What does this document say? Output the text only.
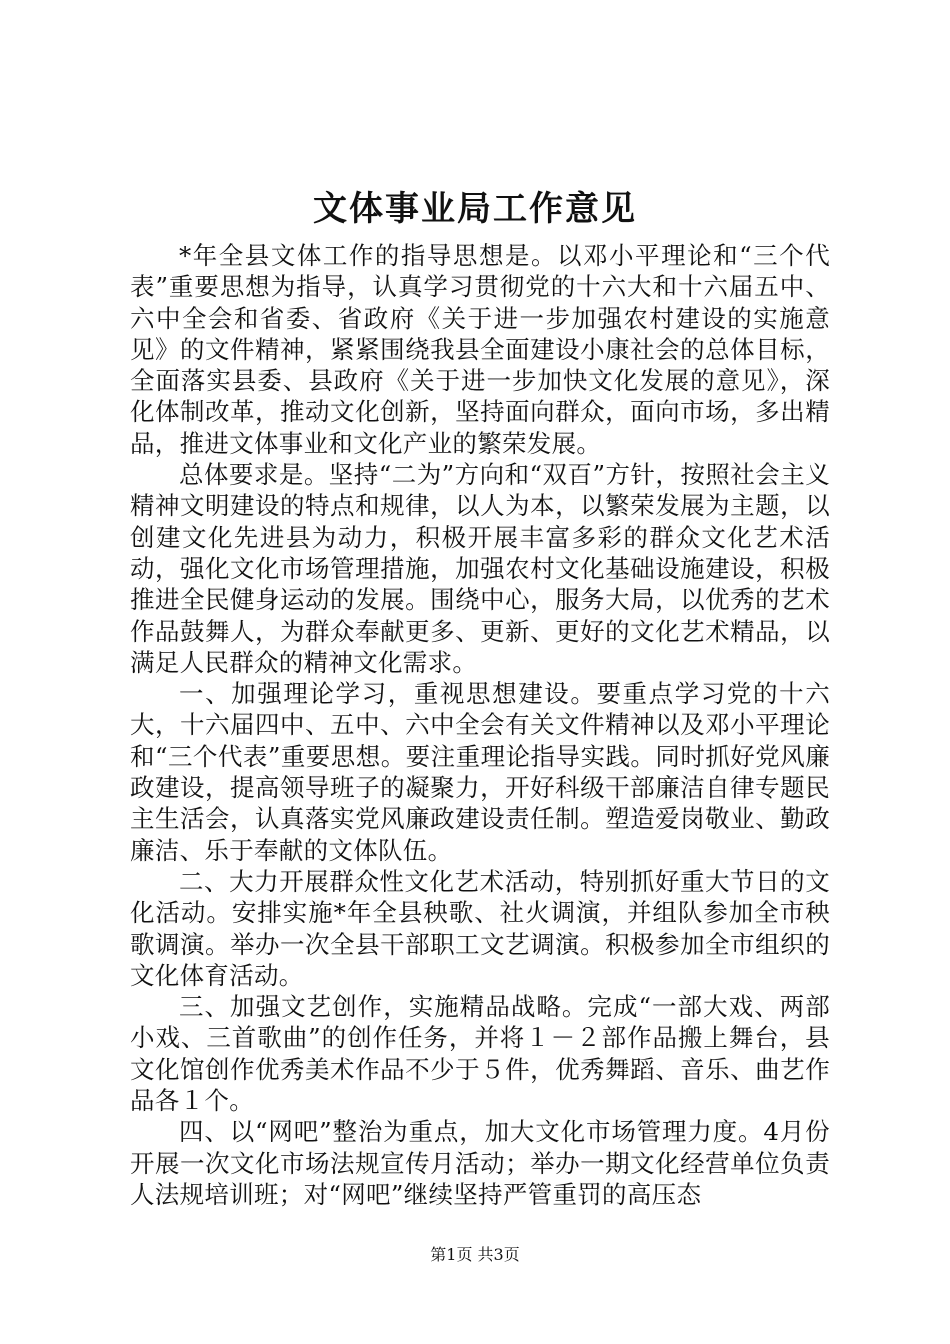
文体事业局工作意见

*年全县文体工作的指导思想是。以邓小平理论和“三个代表”重要思想为指导，认真学习贯彻党的十六大和十六届五中、六中全会和省委、省政府《关于进一步加强农村建设的实施意见》的文件精神，紧紧围绕我县全面建设小康社会的总体目标，全面落实县委、县政府《关于进一步加快文化发展的意见》，深化体制改革，推动文化创新，坚持面向群众，面向市场，多出精品，推进文体事业和文化产业的繁荣发展。

总体要求是。坚持“二为”方向和“双百”方针，按照社会主义精神文明建设的特点和规律，以人为本，以繁荣发展为主题，以创建文化先进县为动力，积极开展丰富多彩的群众文化艺术活动，强化文化市场管理措施，加强农村文化基础设施建设，积极推进全民健身运动的发展。围绕中心，服务大局，以优秀的艺术作品鼓舞人，为群众奉献更多、更新、更好的文化艺术精品，以满足人民群众的精神文化需求。

一、加强理论学习，重视思想建设。要重点学习党的十六大，十六届四中、五中、六中全会有关文件精神以及邓小平理论和“三个代表”重要思想。要注重理论指导实践。同时抓好党风廉政建设，提高领导班子的凝聚力，开好科级干部廉洁自律专题民主生活会，认真落实党风廉政建设责任制。塑造爱岗敬业、勤政廉洁、乐于奉献的文体队伍。

二、大力开展群众性文化艺术活动，特别抓好重大节日的文化活动。安排实施*年全县秧歌、社火调演，并组队参加全市秧歌调演。举办一次全县干部职工文艺调演。积极参加全市组织的文化体育活动。

三、加强文艺创作，实施精品战略。完成“一部大戏、两部小戏、三首歌曲”的创作任务，并将１－２部作品搬上舞台，县文化馆创作优秀美术作品不少于５件，优秀舞蹈、音乐、曲艺作品各１个。

四、以“网吧”整治为重点，加大文化市场管理力度。4月份开展一次文化市场法规宣传月活动；举办一期文化经营单位负责人法规培训班；对“网吧”继续坚持严管重罚的高压态

第1页 共3页
